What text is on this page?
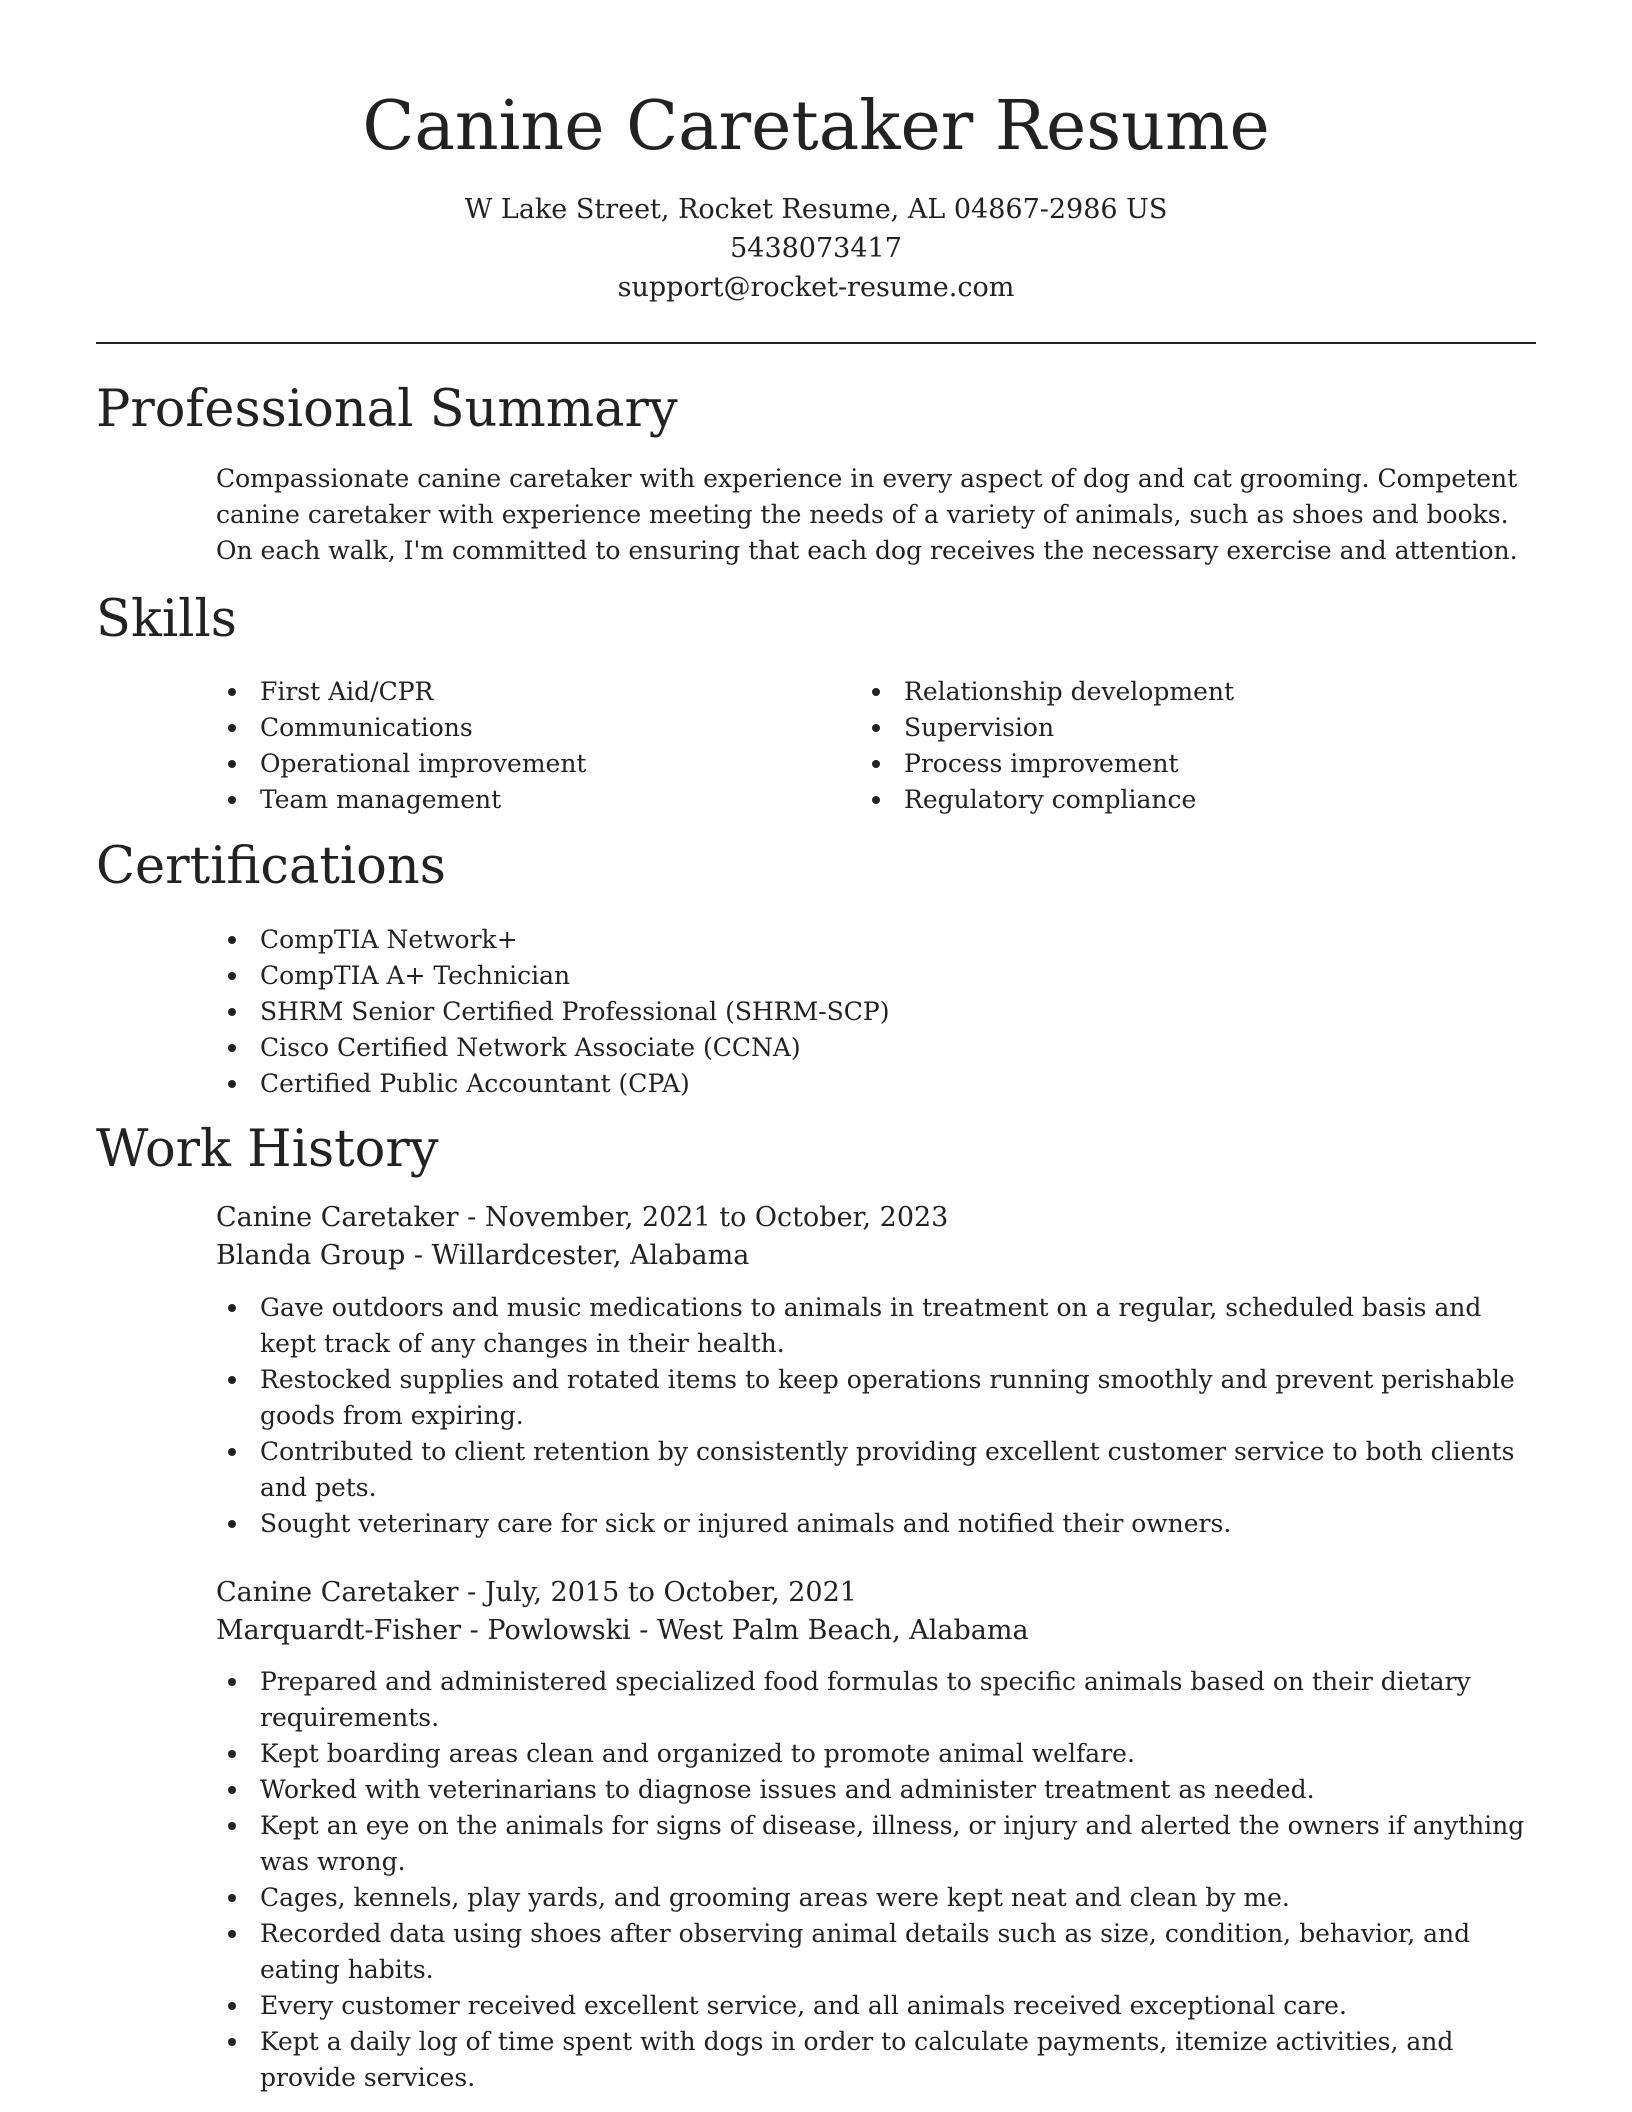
Canine Caretaker Resume
W Lake Street, Rocket Resume, AL 04867-2986 US
5438073417
support@rocket-resume.com
Professional Summary

Compassionate canine caretaker with experience in every aspect of dog and cat grooming. Competent canine caretaker with experience meeting the needs of a variety of animals, such as shoes and books. On each walk, I'm committed to ensuring that each dog receives the necessary exercise and attention.

Skills
First Aid/CPR
Communications
Operational improvement
Team management
Relationship development
Supervision
Process improvement
Regulatory compliance
Certifications
CompTIA Network+
CompTIA A+ Technician
SHRM Senior Certified Professional (SHRM-SCP)
Cisco Certified Network Associate (CCNA)
Certified Public Accountant (CPA)
Work History
Canine Caretaker - November, 2021 to October, 2023
Blanda Group - Willardcester, Alabama
Gave outdoors and music medications to animals in treatment on a regular, scheduled basis and kept track of any changes in their health.
Restocked supplies and rotated items to keep operations running smoothly and prevent perishable goods from expiring.
Contributed to client retention by consistently providing excellent customer service to both clients and pets.
Sought veterinary care for sick or injured animals and notified their owners.
Canine Caretaker - July, 2015 to October, 2021
Marquardt-Fisher - Powlowski - West Palm Beach, Alabama
Prepared and administered specialized food formulas to specific animals based on their dietary requirements.
Kept boarding areas clean and organized to promote animal welfare.
Worked with veterinarians to diagnose issues and administer treatment as needed.
Kept an eye on the animals for signs of disease, illness, or injury and alerted the owners if anything was wrong.
Cages, kennels, play yards, and grooming areas were kept neat and clean by me.
Recorded data using shoes after observing animal details such as size, condition, behavior, and eating habits.
Every customer received excellent service, and all animals received exceptional care.
Kept a daily log of time spent with dogs in order to calculate payments, itemize activities, and provide services.
